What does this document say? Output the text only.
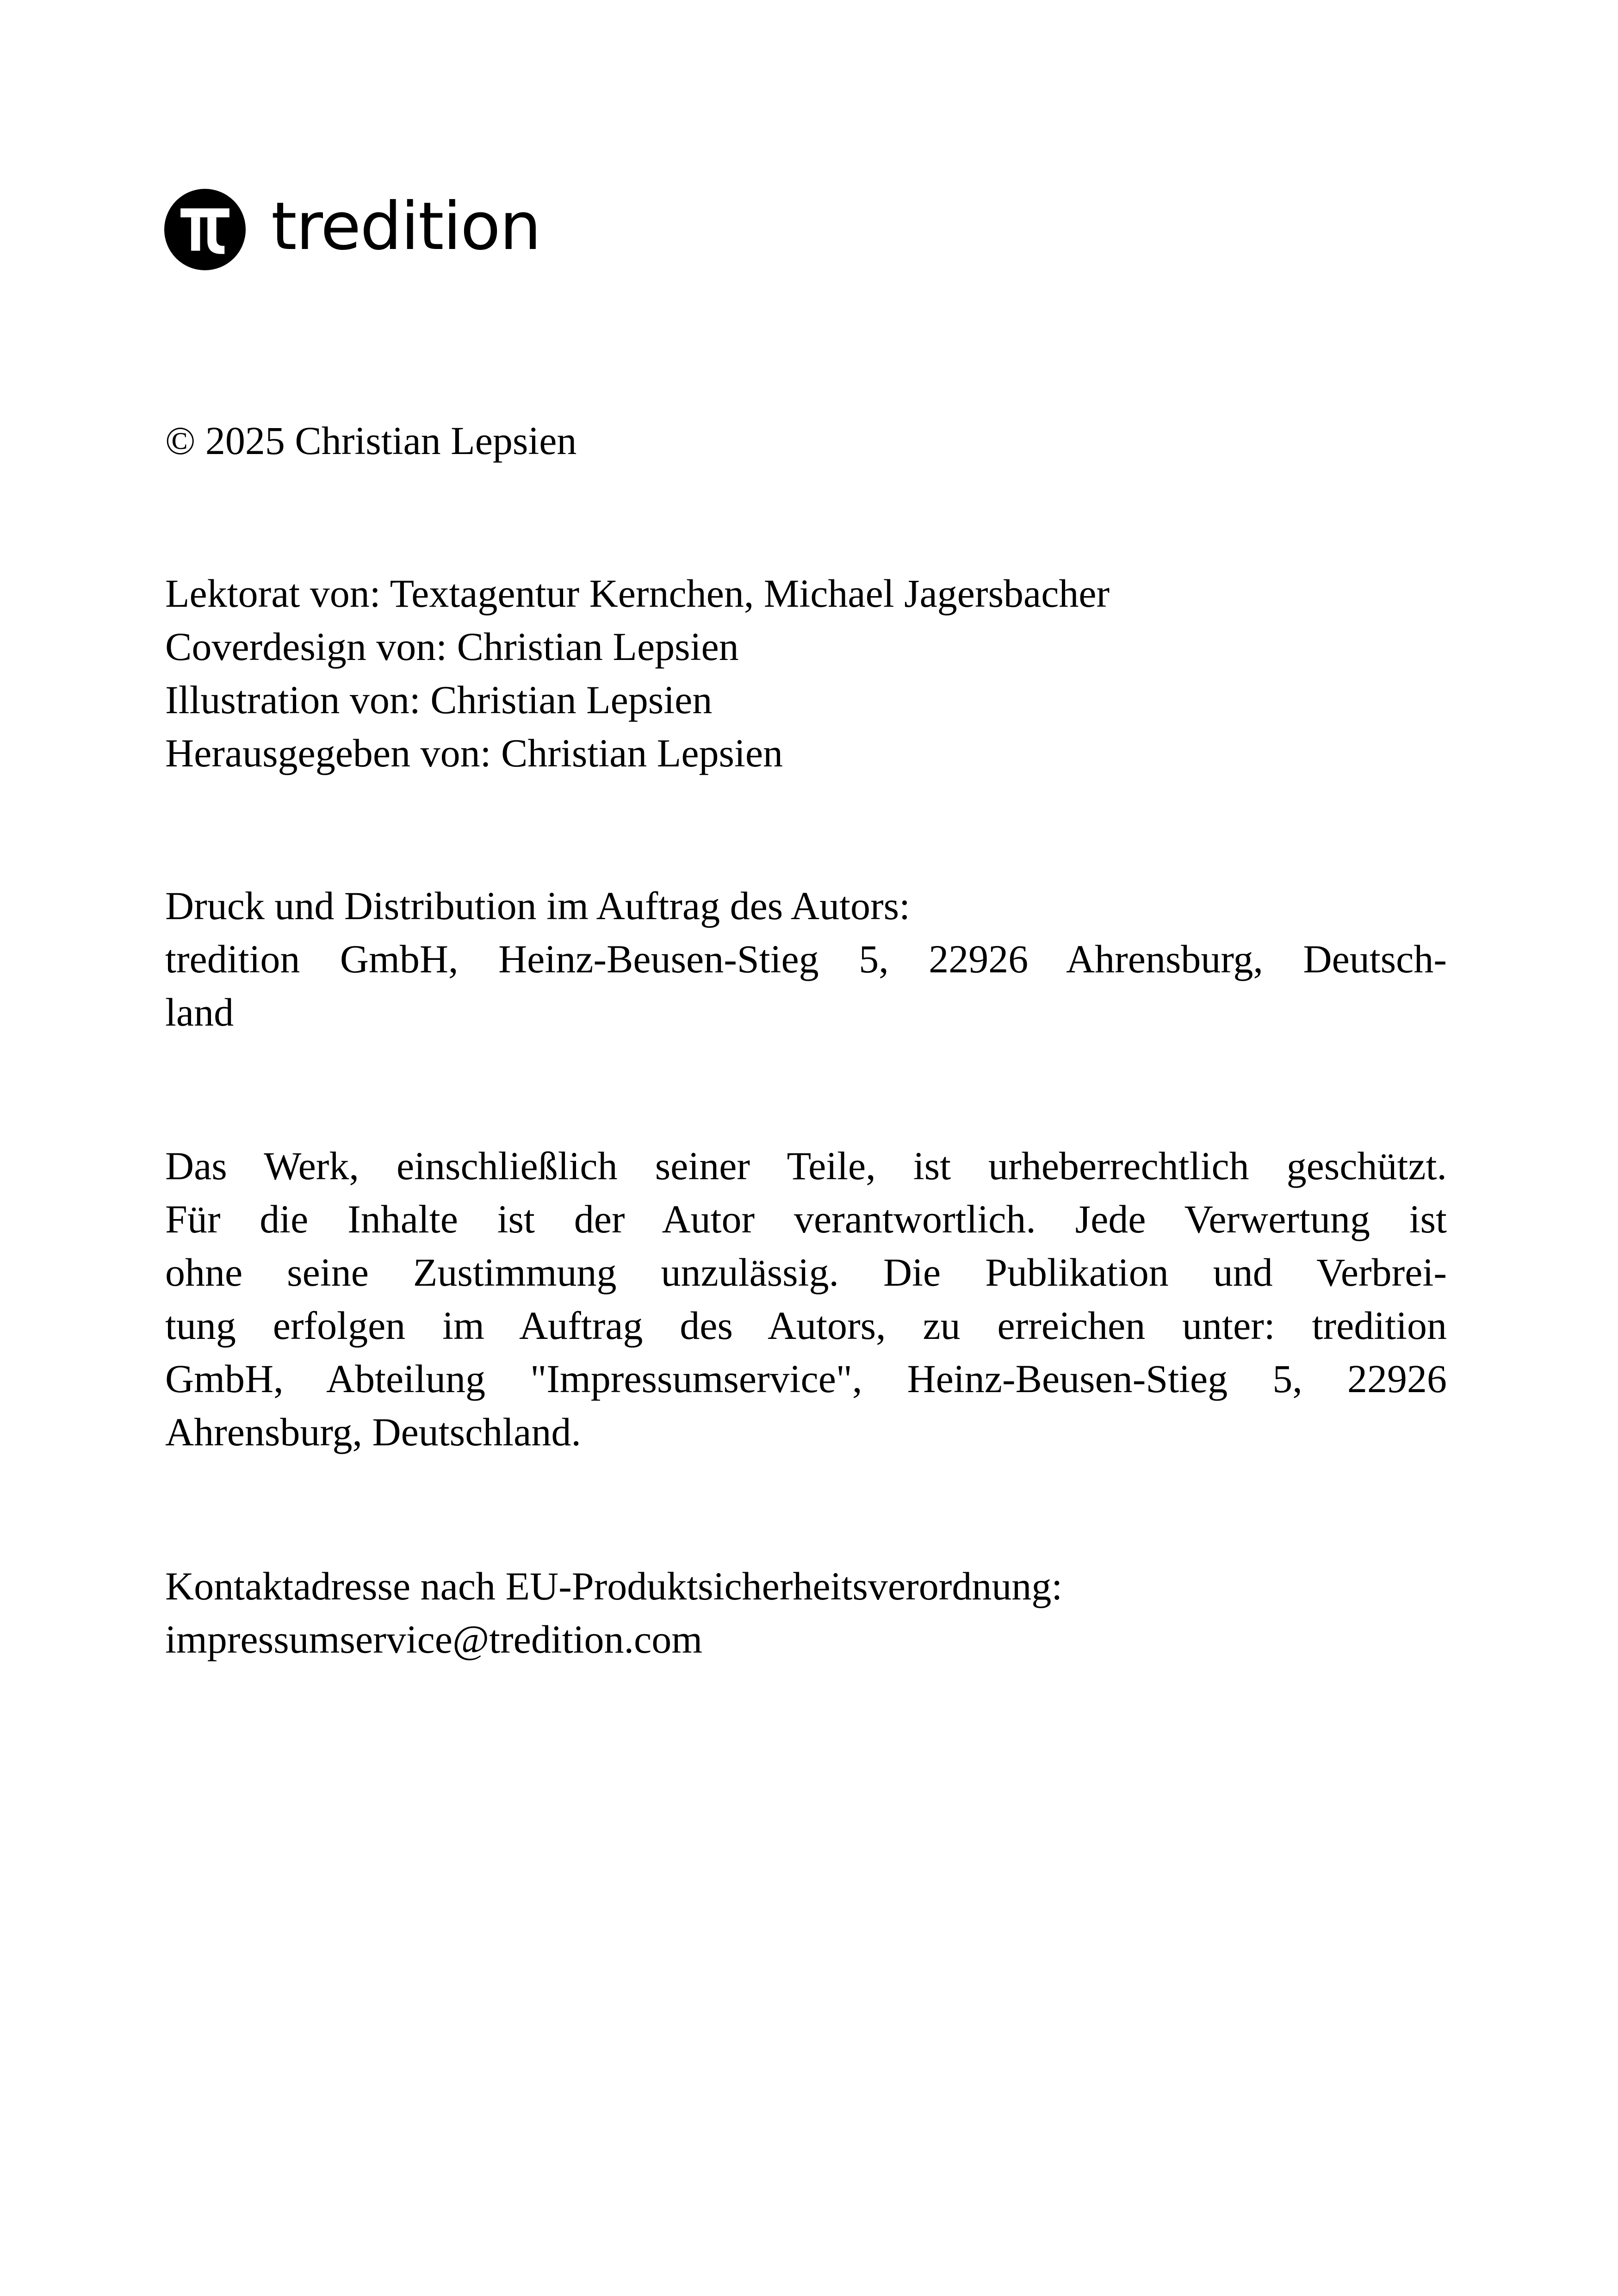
tredition

© 2025 Christian Lepsien

Lektorat von: Textagentur Kernchen, Michael Jagersbacher
Coverdesign von: Christian Lepsien
Illustration von: Christian Lepsien
Herausgegeben von: Christian Lepsien

Druck und Distribution im Auftrag des Autors:
tredition GmbH, Heinz-Beusen-Stieg 5, 22926 Ahrensburg, Deutsch-
land

Das Werk, einschließlich seiner Teile, ist urheberrechtlich geschützt.
Für die Inhalte ist der Autor verantwortlich. Jede Verwertung ist
ohne seine Zustimmung unzulässig. Die Publikation und Verbrei-
tung erfolgen im Auftrag des Autors, zu erreichen unter: tredition
GmbH, Abteilung "Impressumservice", Heinz-Beusen-Stieg 5, 22926
Ahrensburg, Deutschland.

Kontaktadresse nach EU-Produktsicherheitsverordnung:
impressumservice@tredition.com
